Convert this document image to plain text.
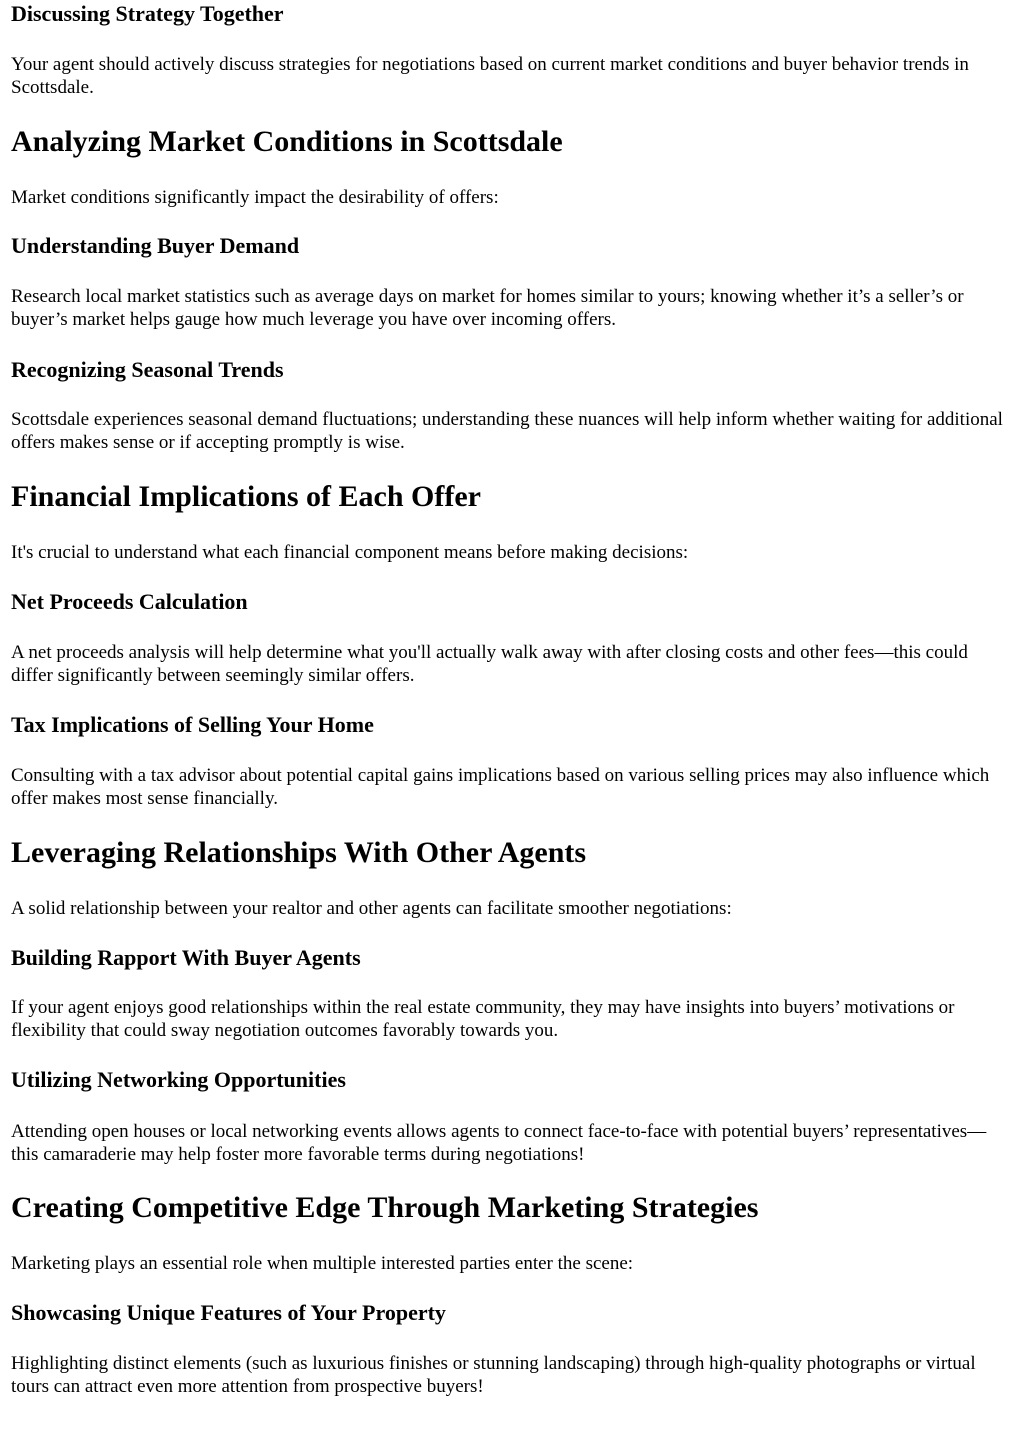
Discussing Strategy Together

Your agent should actively discuss strategies for negotiations based on current market conditions and buyer behavior trends in Scottsdale.

Analyzing Market Conditions in Scottsdale

Market conditions significantly impact the desirability of offers:

Understanding Buyer Demand

Research local market statistics such as average days on market for homes similar to yours; knowing whether it’s a seller’s or buyer’s market helps gauge how much leverage you have over incoming offers.

Recognizing Seasonal Trends

Scottsdale experiences seasonal demand fluctuations; understanding these nuances will help inform whether waiting for additional offers makes sense or if accepting promptly is wise.

Financial Implications of Each Offer

It's crucial to understand what each financial component means before making decisions:

Net Proceeds Calculation

A net proceeds analysis will help determine what you'll actually walk away with after closing costs and other fees—this could differ significantly between seemingly similar offers.

Tax Implications of Selling Your Home

Consulting with a tax advisor about potential capital gains implications based on various selling prices may also influence which offer makes most sense financially.

Leveraging Relationships With Other Agents

A solid relationship between your realtor and other agents can facilitate smoother negotiations:

Building Rapport With Buyer Agents

If your agent enjoys good relationships within the real estate community, they may have insights into buyers’ motivations or flexibility that could sway negotiation outcomes favorably towards you.

Utilizing Networking Opportunities

Attending open houses or local networking events allows agents to connect face-to-face with potential buyers’ representatives—this camaraderie may help foster more favorable terms during negotiations!

Creating Competitive Edge Through Marketing Strategies

Marketing plays an essential role when multiple interested parties enter the scene:

Showcasing Unique Features of Your Property

Highlighting distinct elements (such as luxurious finishes or stunning landscaping) through high-quality photographs or virtual tours can attract even more attention from prospective buyers!
